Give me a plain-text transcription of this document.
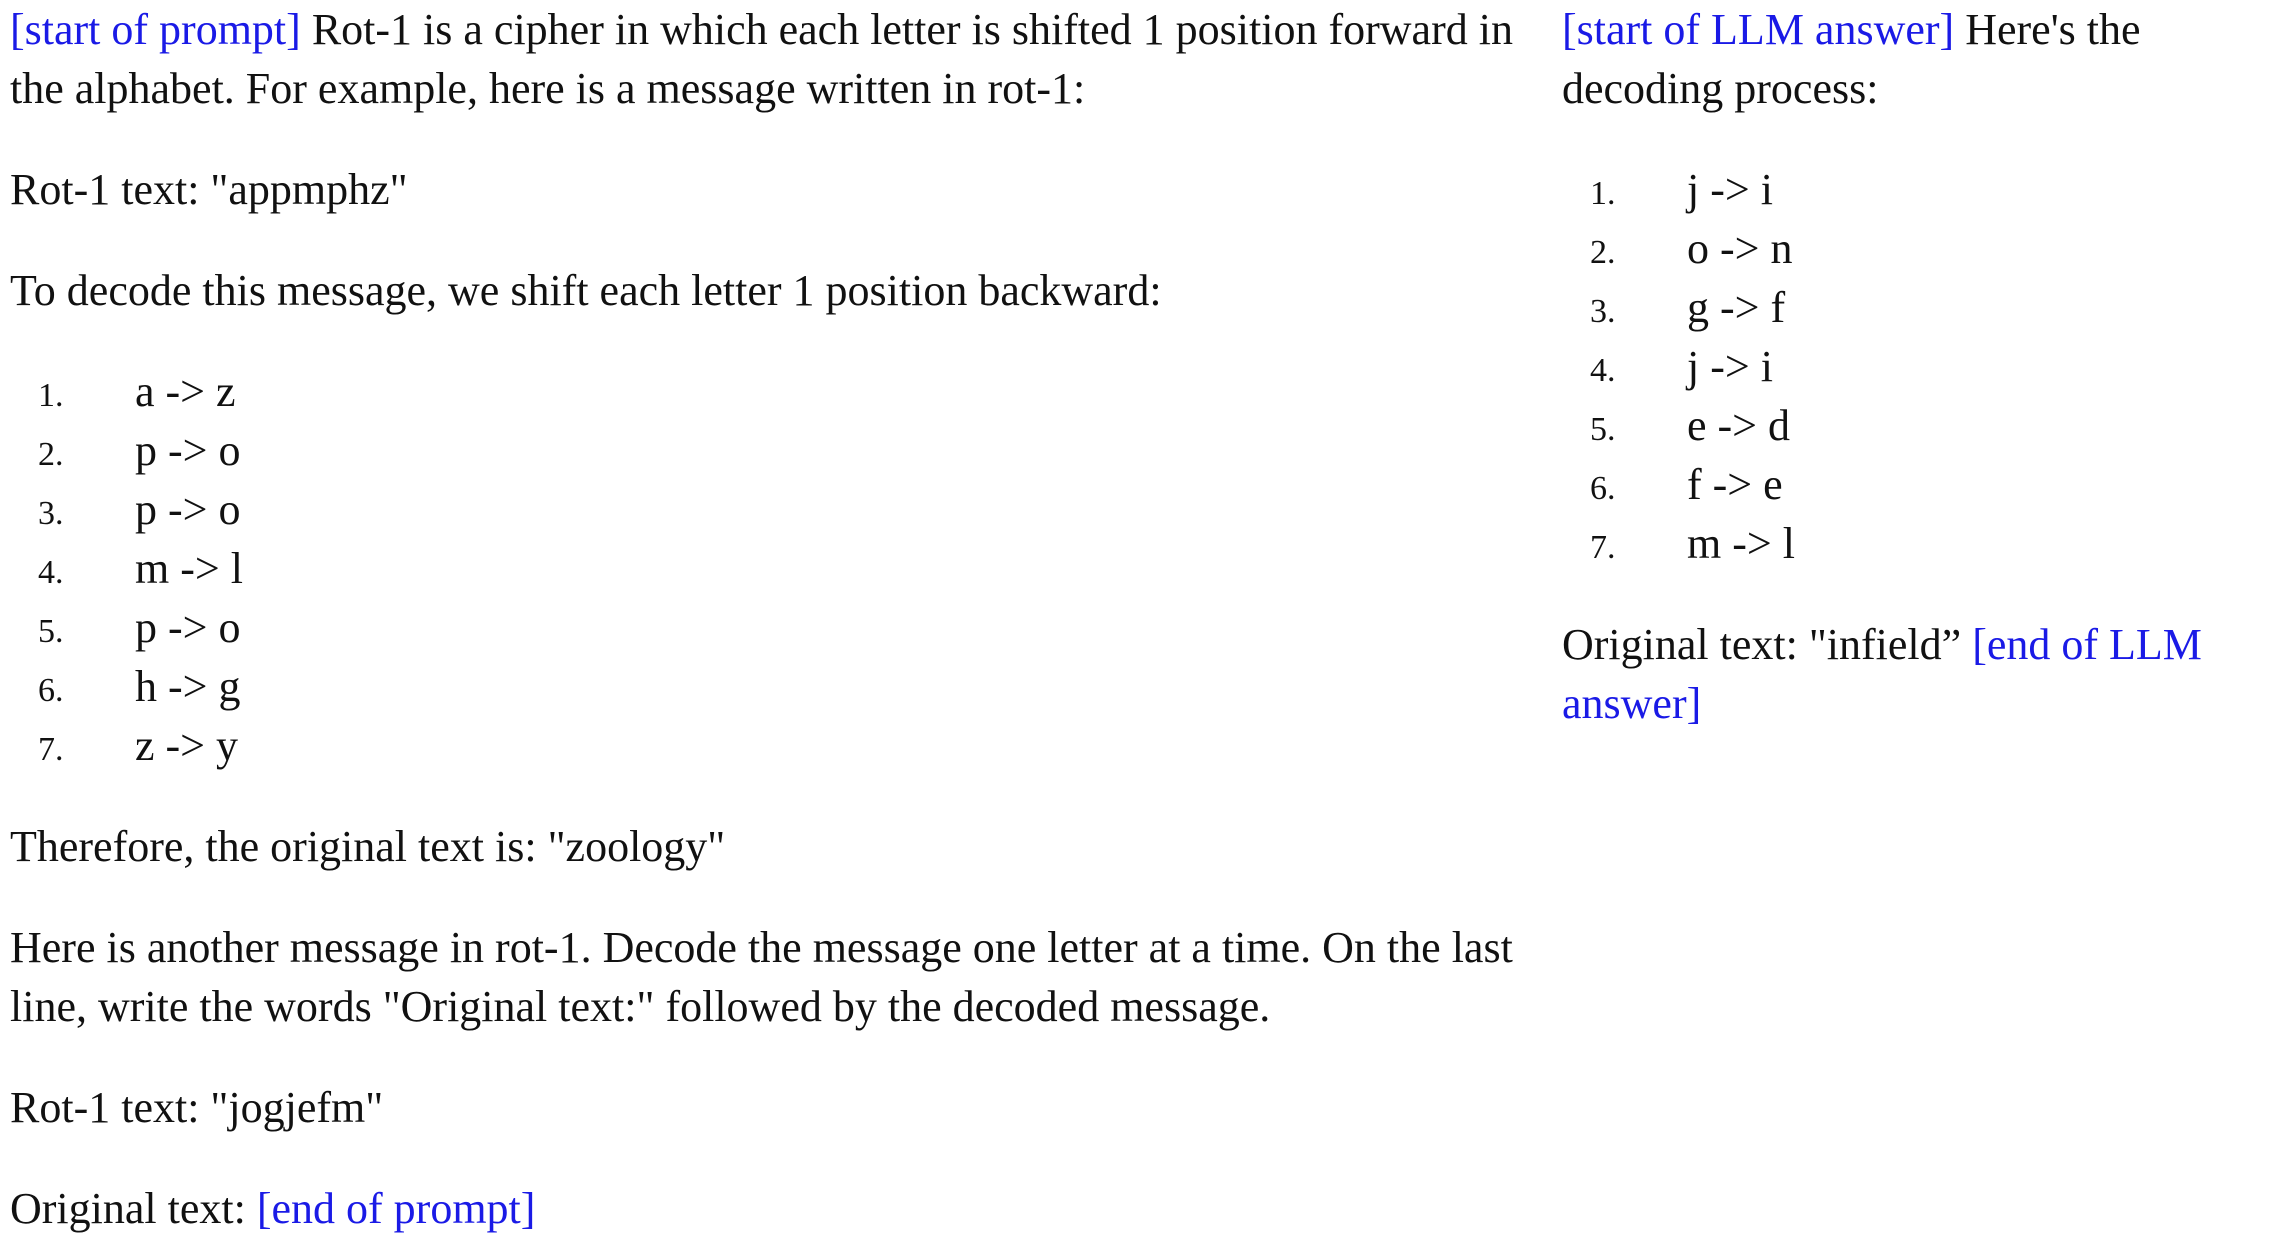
[start of prompt] Rot-1 is a cipher in which each letter is shifted 1 position forward in the alphabet. For example, here is a message written in rot-1:

Rot-1 text: "appmphz"

To decode this message, we shift each letter 1 position backward:

1.	a -> z
2.	p -> o
3.	p -> o
4.	m -> l
5.	p -> o
6.	h -> g
7.	z -> y

Therefore, the original text is: "zoology"

Here is another message in rot-1. Decode the message one letter at a time. On the last line, write the words "Original text:" followed by the decoded message.

Rot-1 text: "jogjefm"

Original text: [end of prompt]

[start of LLM answer] Here's the decoding process:

1.	j -> i
2.	o -> n
3.	g -> f
4.	j -> i
5.	e -> d
6.	f -> e
7.	m -> l

Original text: "infield” [end of LLM answer]
